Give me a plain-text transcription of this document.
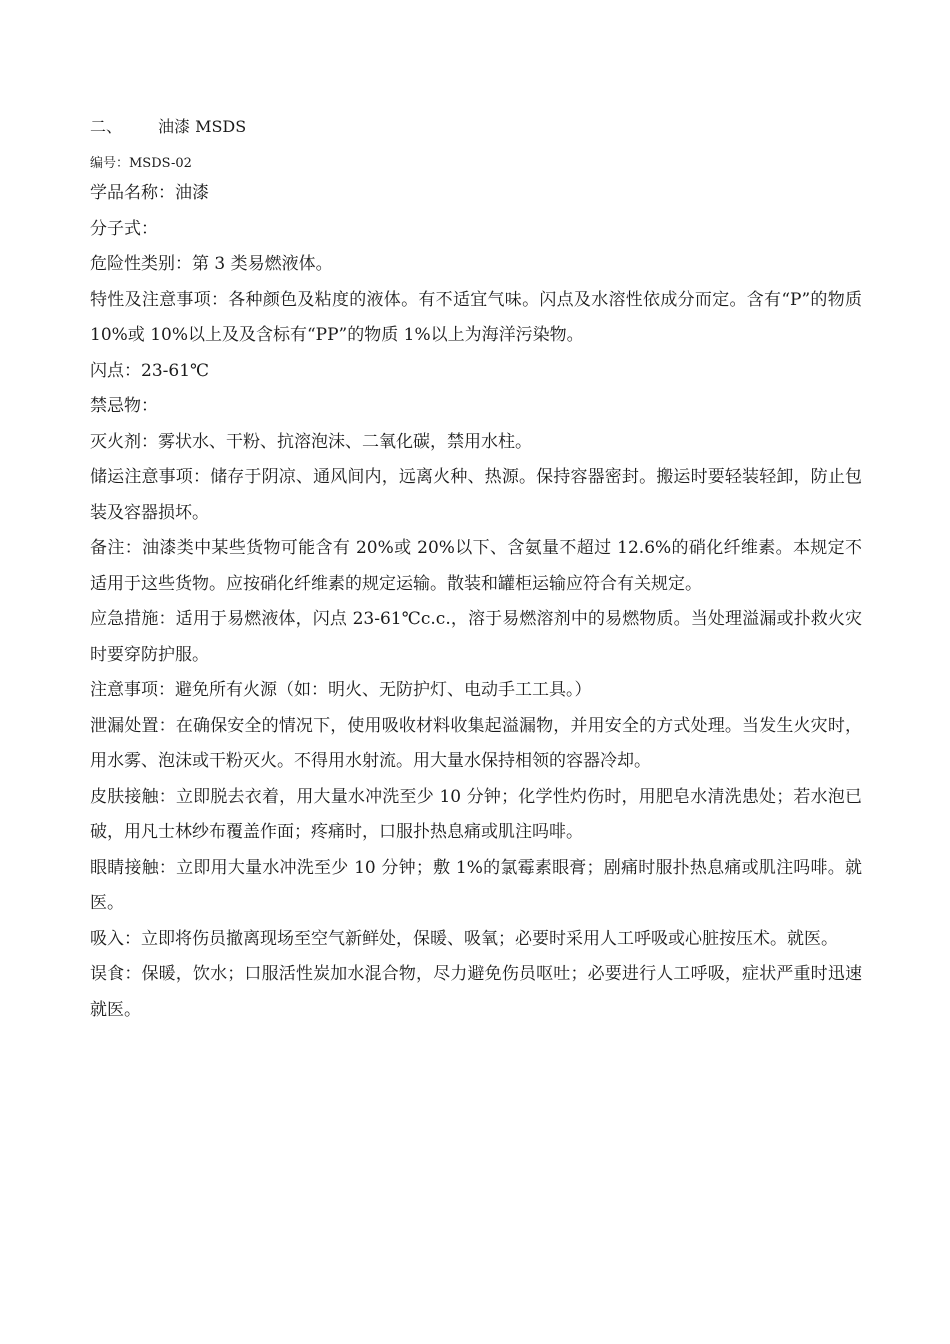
二、 油漆 MSDS
编号：MSDS-02
学品名称：油漆
分子式：
危险性类别：第 3 类易燃液体。
特性及注意事项：各种颜色及粘度的液体。有不适宜气味。闪点及水溶性依成分而定。含有“P”的物质 10%或 10%以上及及含标有“PP”的物质 1%以上为海洋污染物。
闪点：23-61℃
禁忌物：
灭火剂：雾状水、干粉、抗溶泡沫、二氧化碳，禁用水柱。
储运注意事项：储存于阴凉、通风间内，远离火种、热源。保持容器密封。搬运时要轻装轻卸，防止包装及容器损坏。
备注：油漆类中某些货物可能含有 20%或 20%以下、含氨量不超过 12.6%的硝化纤维素。本规定不适用于这些货物。应按硝化纤维素的规定运输。散装和罐柜运输应符合有关规定。
应急措施：适用于易燃液体，闪点 23-61℃c.c.，溶于易燃溶剂中的易燃物质。当处理溢漏或扑救火灾时要穿防护服。
注意事项：避免所有火源（如：明火、无防护灯、电动手工工具。）
泄漏处置：在确保安全的情况下，使用吸收材料收集起溢漏物，并用安全的方式处理。当发生火灾时，用水雾、泡沫或干粉灭火。不得用水射流。用大量水保持相领的容器冷却。
皮肤接触：立即脱去衣着，用大量水冲洗至少 10 分钟；化学性灼伤时，用肥皂水清洗患处；若水泡已破，用凡士林纱布覆盖作面；疼痛时，口服扑热息痛或肌注吗啡。
眼睛接触：立即用大量水冲洗至少 10 分钟；敷 1%的氯霉素眼膏；剧痛时服扑热息痛或肌注吗啡。就医。
吸入：立即将伤员撤离现场至空气新鲜处，保暖、吸氧；必要时采用人工呼吸或心脏按压术。就医。
误食：保暖，饮水；口服活性炭加水混合物，尽力避免伤员呕吐；必要进行人工呼吸，症状严重时迅速就医。
